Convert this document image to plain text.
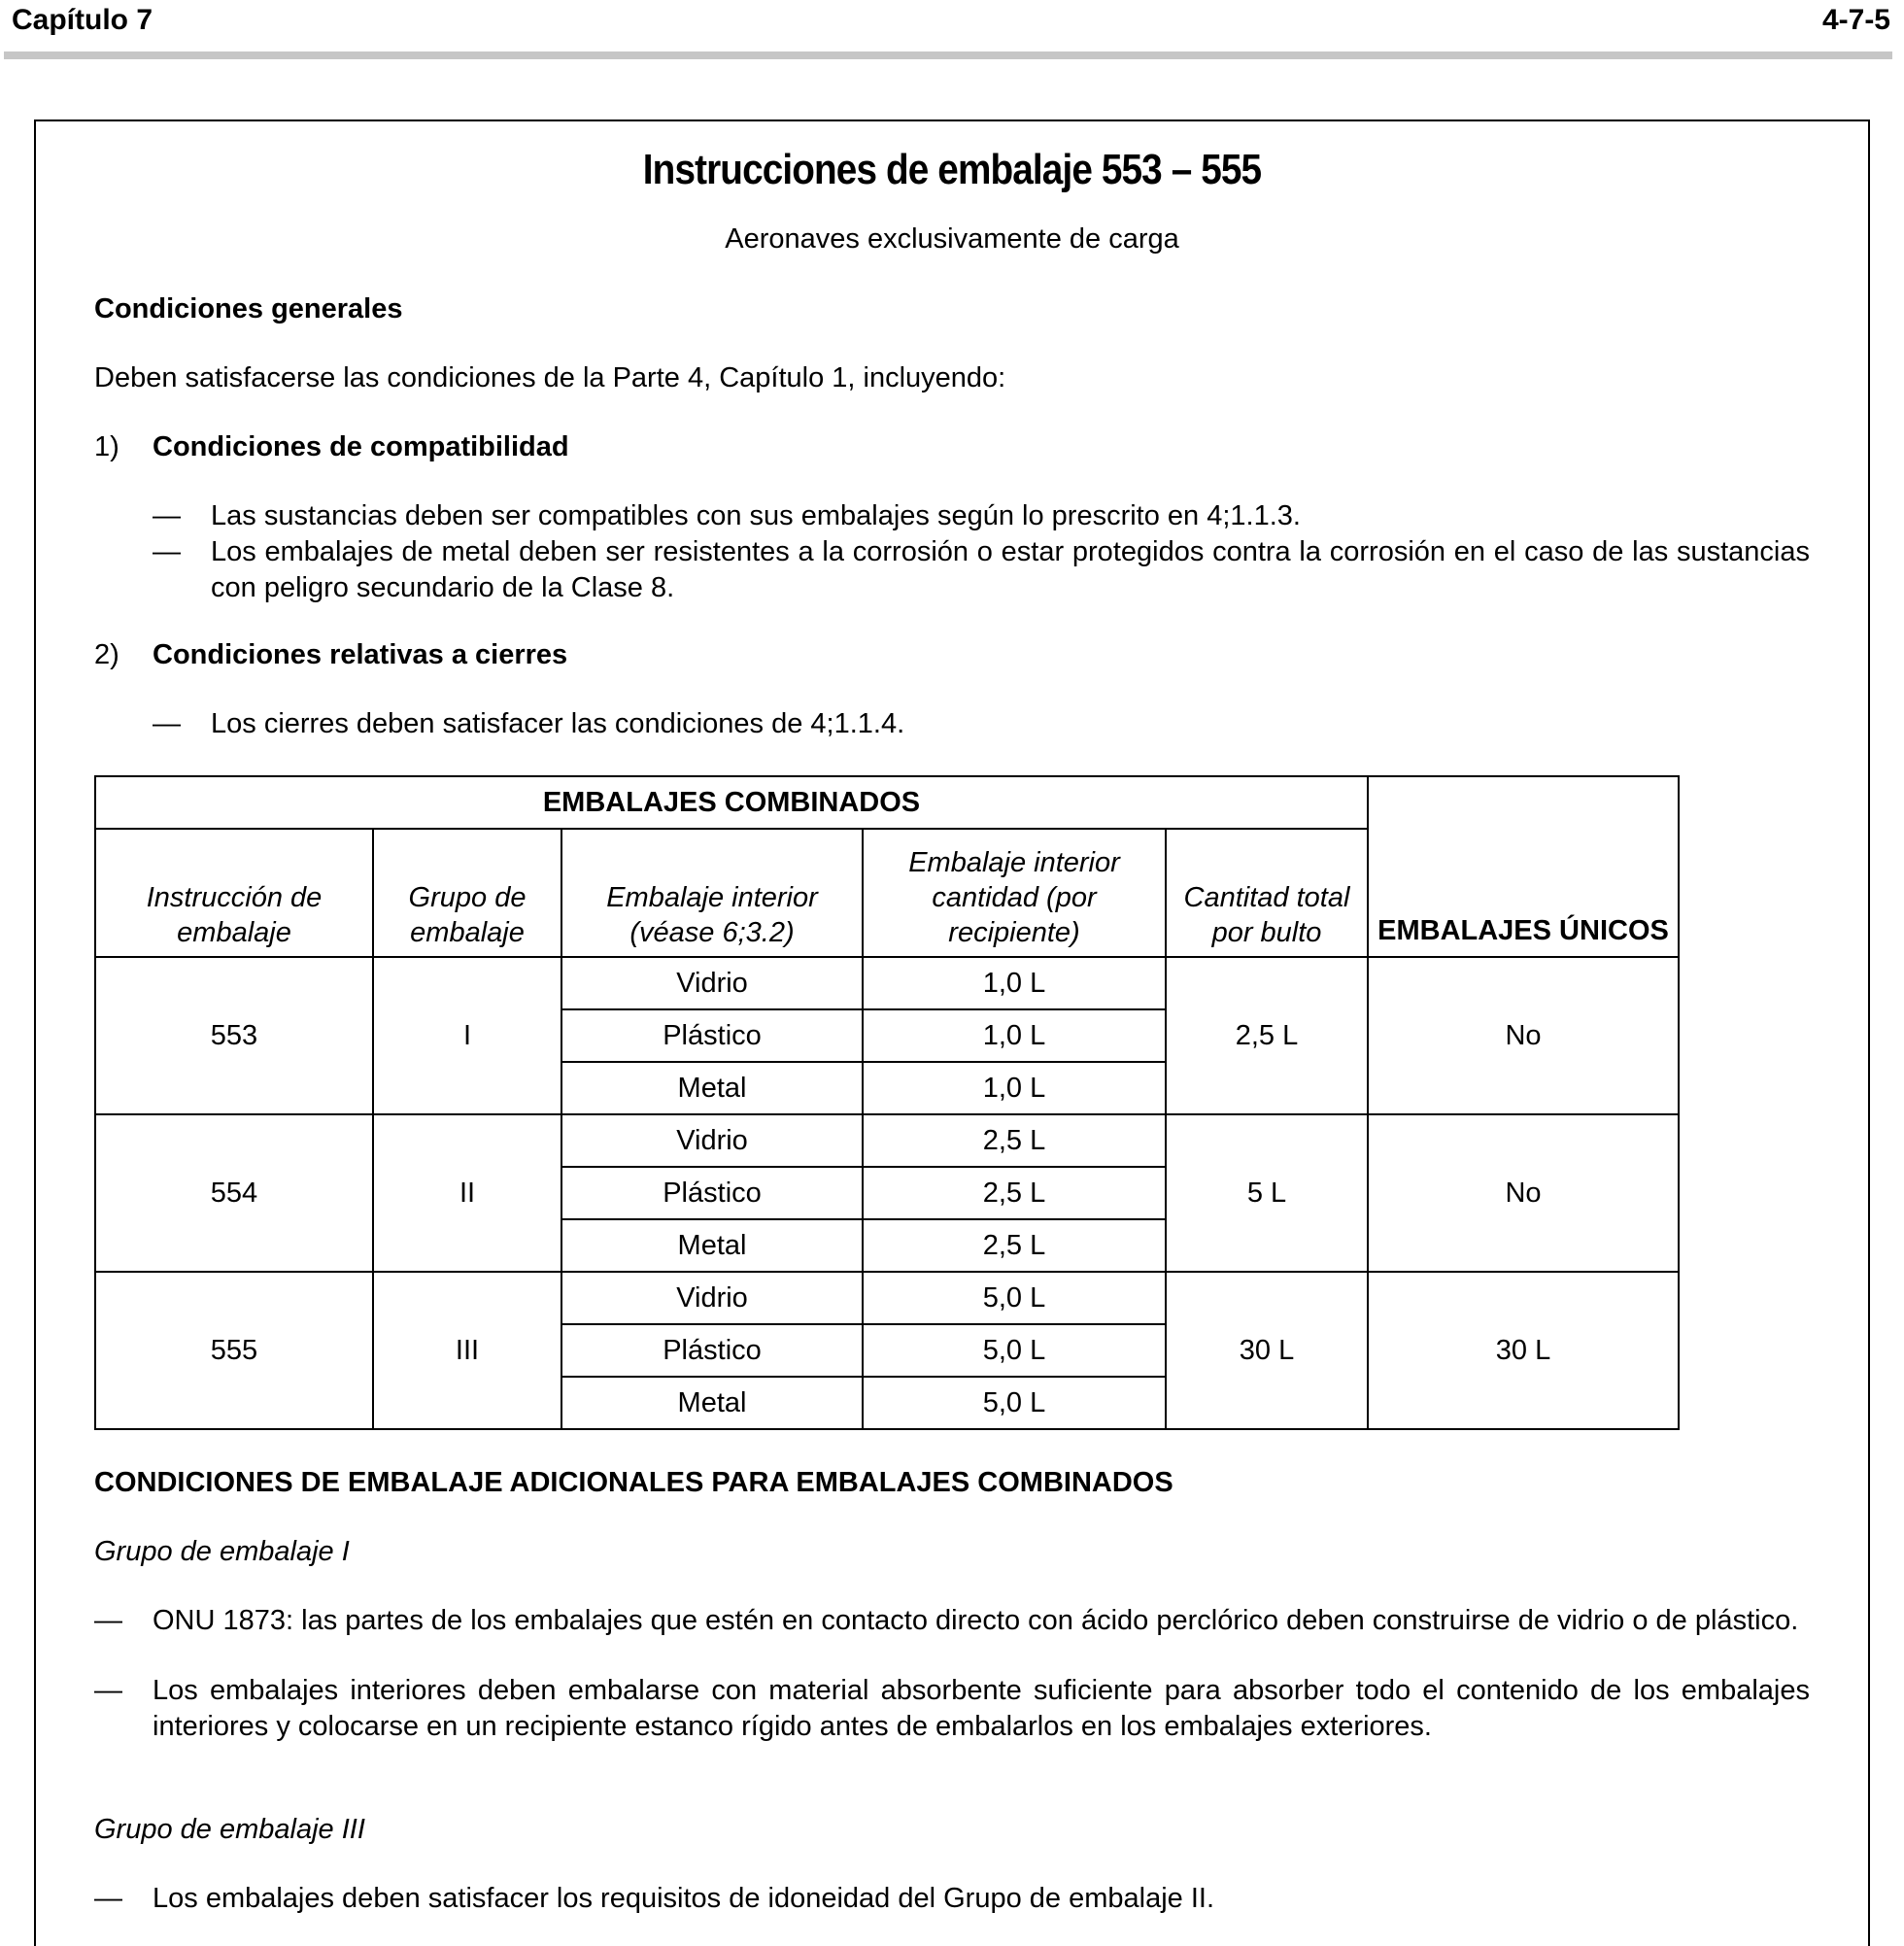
Capítulo 7	4-7-5
Instrucciones de embalaje 553 – 555
Aeronaves exclusivamente de carga
Condiciones generales
Deben satisfacerse las condiciones de la Parte 4, Capítulo 1, incluyendo:
1) Condiciones de compatibilidad
—	Las sustancias deben ser compatibles con sus embalajes según lo prescrito en 4;1.1.3.
—	Los embalajes de metal deben ser resistentes a la corrosión o estar protegidos contra la corrosión en el caso de las sustancias con peligro secundario de la Clase 8.
2) Condiciones relativas a cierres
—	Los cierres deben satisfacer las condiciones de 4;1.1.4.
CONDICIONES DE EMBALAJE ADICIONALES PARA EMBALAJES COMBINADOS
Grupo de embalaje I
—	ONU 1873: las partes de los embalajes que estén en contacto directo con ácido perclórico deben construirse de vidrio o de plástico.
—	Los embalajes interiores deben embalarse con material absorbente suficiente para absorber todo el contenido de los embalajes interiores y colocarse en un recipiente estanco rígido antes de embalarlos en los embalajes exteriores.
Grupo de embalaje III
—	Los embalajes deben satisfacer los requisitos de idoneidad del Grupo de embalaje II.
EMBALAJES COMBINADOS					EMBALAJES ÚNICOS
Instrucción de embalaje	Grupo de embalaje	Embalaje interior (véase 6;3.2)	Embalaje interior cantidad (por recipiente)	Cantitad total por bulto	
553	I	Vidrio	1,0 L	2,5 L	No
		Plástico	1,0 L		
		Metal	1,0 L		
554	II	Vidrio	2,5 L	5 L	No
		Plástico	2,5 L		
		Metal	2,5 L		
555	III	Vidrio	5,0 L	30 L	30 L
		Plástico	5,0 L		
		Metal	5,0 L		
